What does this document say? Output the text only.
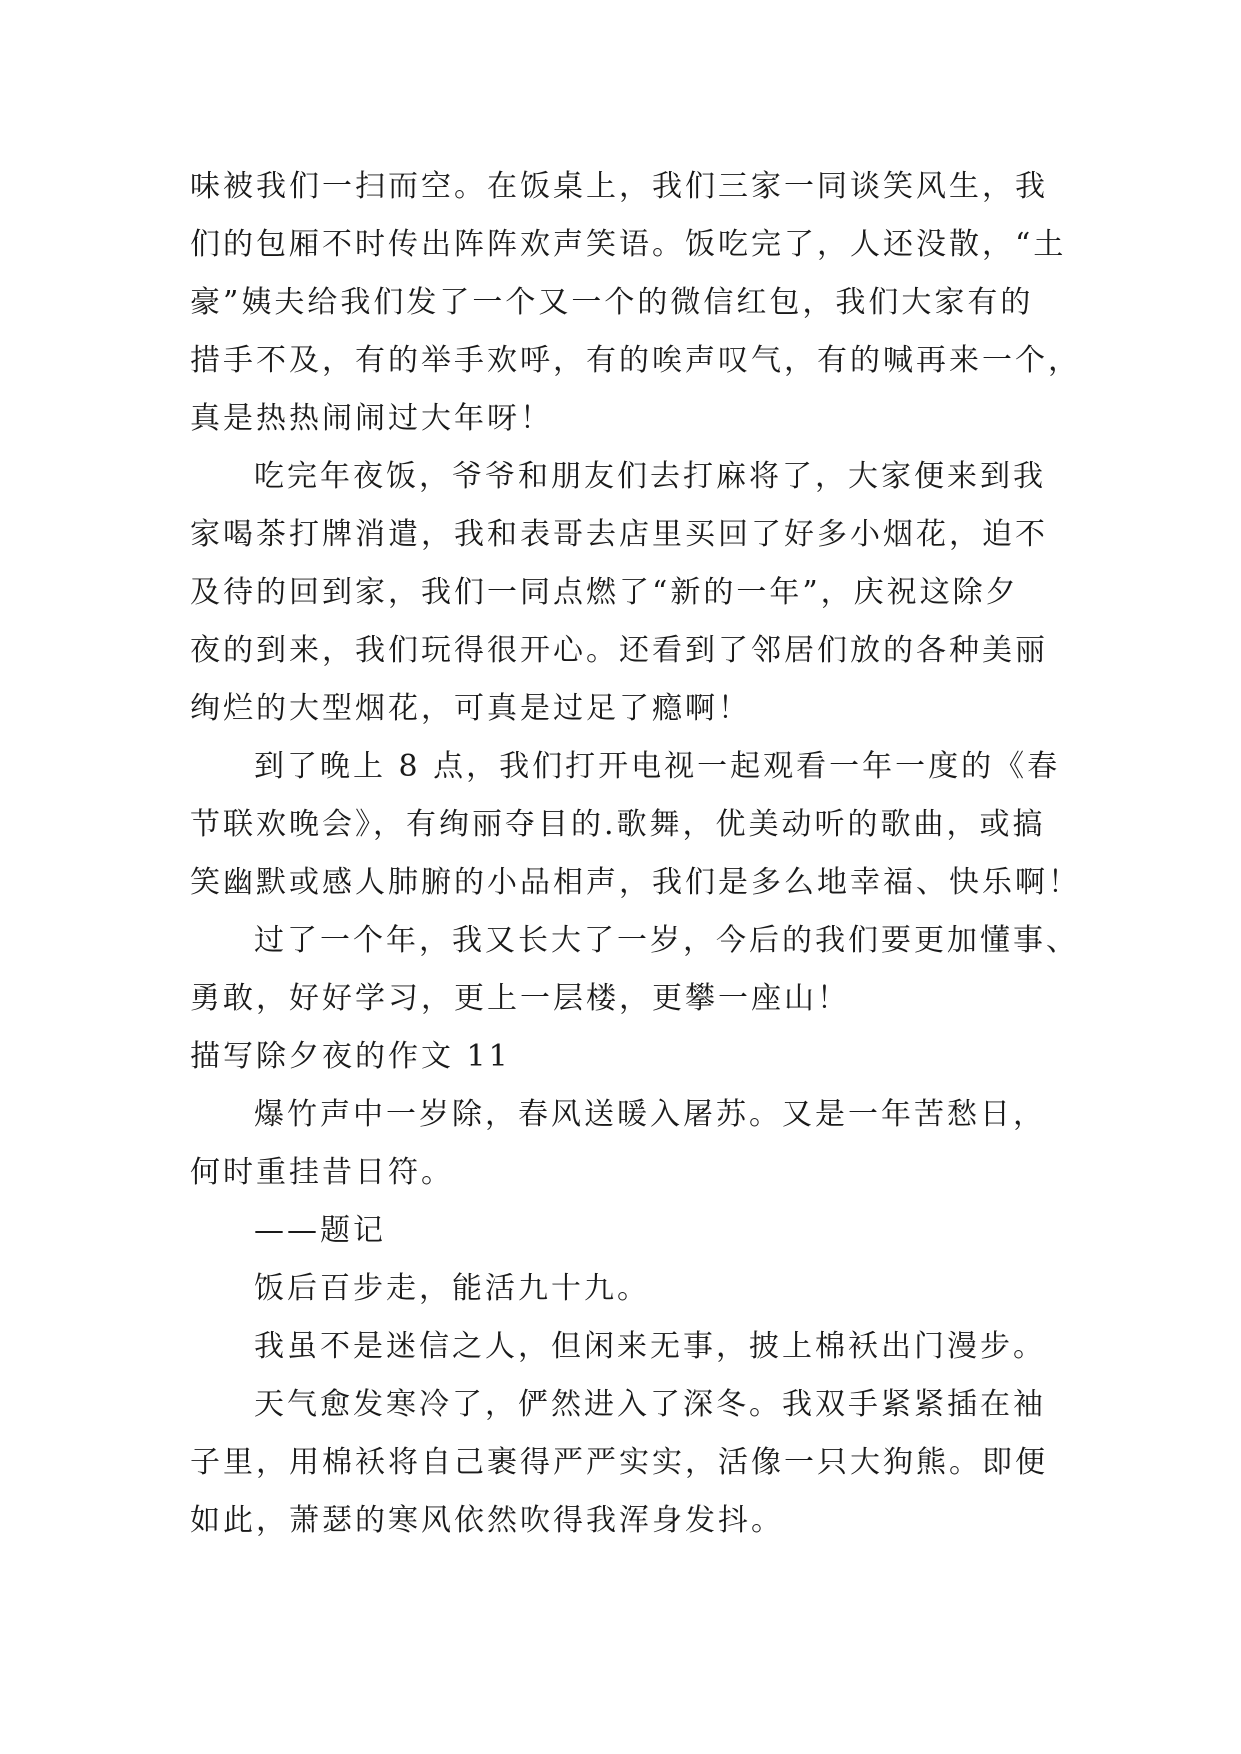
味被我们一扫而空。在饭桌上，我们三家一同谈笑风生，我
们的包厢不时传出阵阵欢声笑语。饭吃完了，人还没散，“土
豪”姨夫给我们发了一个又一个的微信红包，我们大家有的
措手不及，有的举手欢呼，有的唉声叹气，有的喊再来一个，
真是热热闹闹过大年呀！
吃完年夜饭，爷爷和朋友们去打麻将了，大家便来到我
家喝茶打牌消遣，我和表哥去店里买回了好多小烟花，迫不
及待的回到家，我们一同点燃了“新的一年”，庆祝这除夕
夜的到来，我们玩得很开心。还看到了邻居们放的各种美丽
绚烂的大型烟花，可真是过足了瘾啊！
到了晚上 8 点，我们打开电视一起观看一年一度的《春
节联欢晚会》，有绚丽夺目的.歌舞，优美动听的歌曲，或搞
笑幽默或感人肺腑的小品相声，我们是多么地幸福、快乐啊！
过了一个年，我又长大了一岁，今后的我们要更加懂事、
勇敢，好好学习，更上一层楼，更攀一座山！
描写除夕夜的作文 11
爆竹声中一岁除，春风送暖入屠苏。又是一年苦愁日，
何时重挂昔日符。
——题记
饭后百步走，能活九十九。
我虽不是迷信之人，但闲来无事，披上棉袄出门漫步。
天气愈发寒冷了，俨然进入了深冬。我双手紧紧插在袖
子里，用棉袄将自己裹得严严实实，活像一只大狗熊。即便
如此，萧瑟的寒风依然吹得我浑身发抖。
